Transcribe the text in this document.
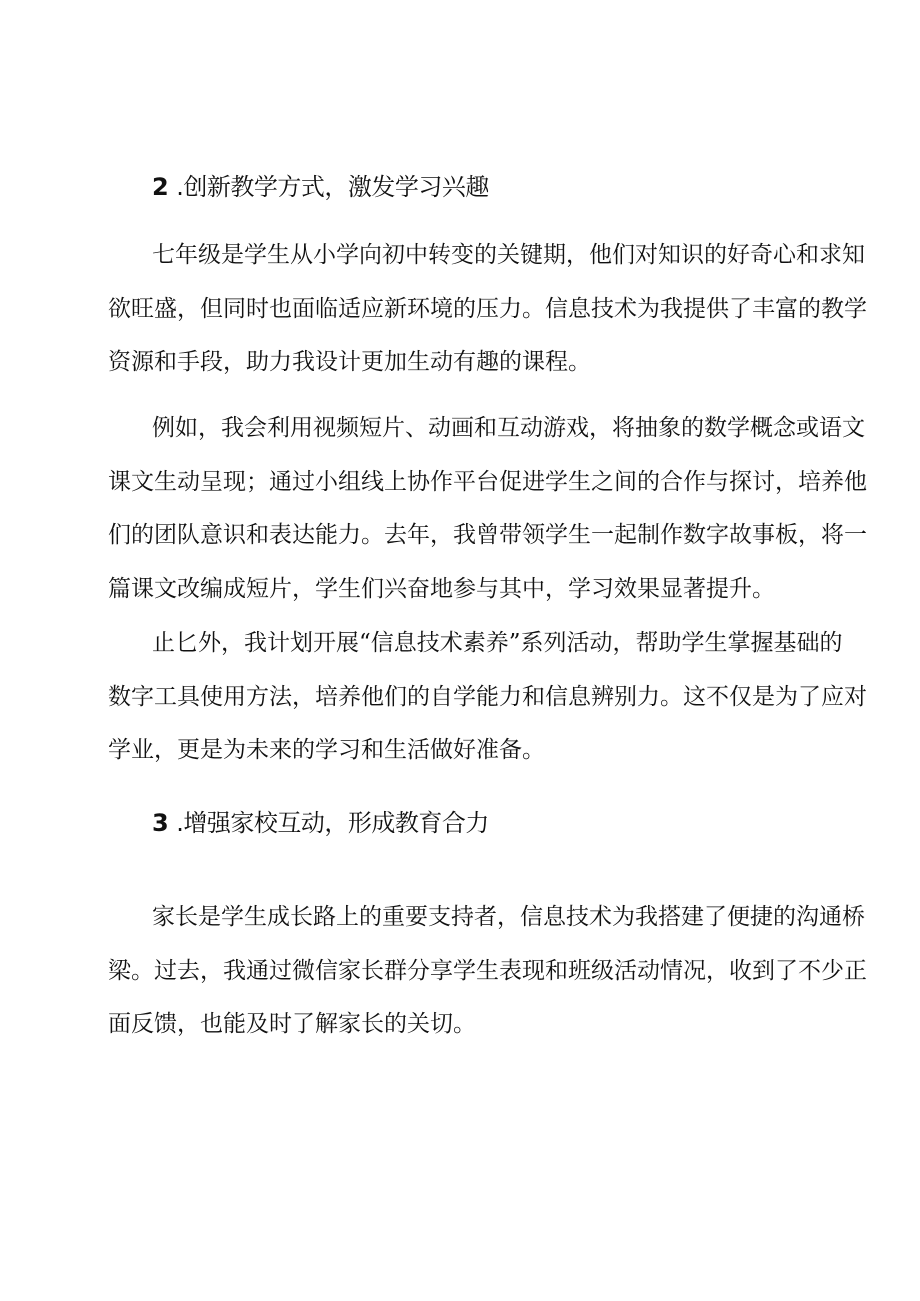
2 .创新教学方式，激发学习兴趣
七年级是学生从小学向初中转变的关键期，他们对知识的好奇心和求知
欲旺盛，但同时也面临适应新环境的压力。信息技术为我提供了丰富的教学
资源和手段，助力我设计更加生动有趣的课程。
例如，我会利用视频短片、动画和互动游戏，将抽象的数学概念或语文
课文生动呈现；通过小组线上协作平台促进学生之间的合作与探讨，培养他
们的团队意识和表达能力。去年，我曾带领学生一起制作数字故事板，将一
篇课文改编成短片，学生们兴奋地参与其中，学习效果显著提升。
止匕外，我计划开展“信息技术素养”系列活动，帮助学生掌握基础的
数字工具使用方法，培养他们的自学能力和信息辨别力。这不仅是为了应对
学业，更是为未来的学习和生活做好准备。
3 .增强家校互动，形成教育合力
家长是学生成长路上的重要支持者，信息技术为我搭建了便捷的沟通桥
梁。过去，我通过微信家长群分享学生表现和班级活动情况，收到了不少正
面反馈，也能及时了解家长的关切。
